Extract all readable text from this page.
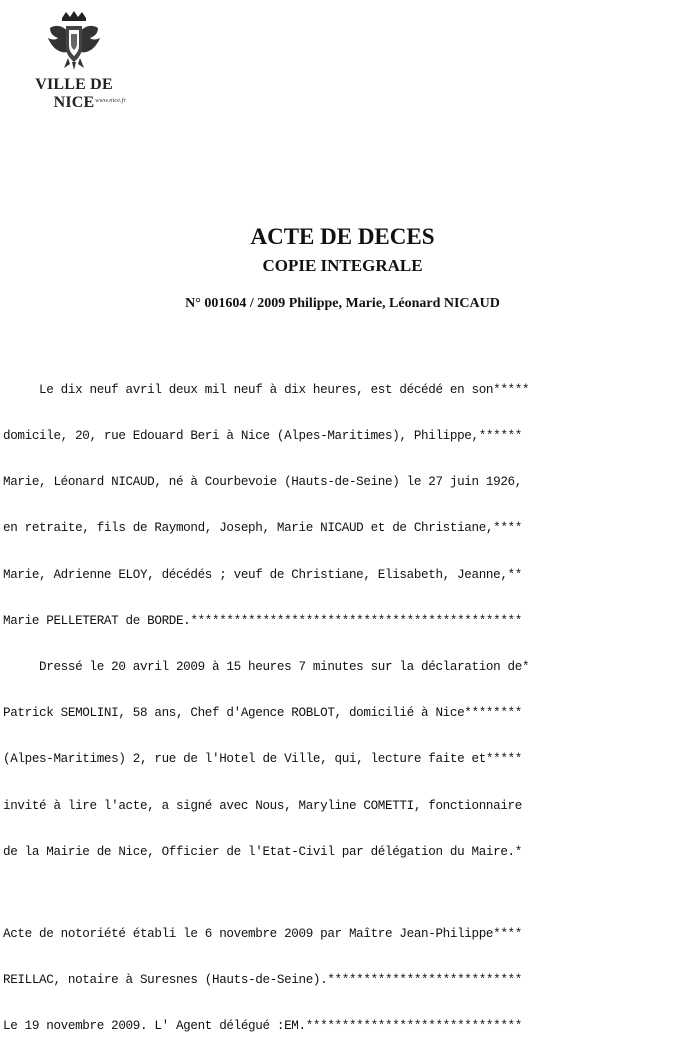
VILLE DE NICE www.nice.fr
ACTE DE DECES
COPIE INTEGRALE
N° 001604 / 2009 Philippe, Marie, Léonard NICAUD

Le dix neuf avril deux mil neuf à dix heures, est décédé en son*****

domicile, 20, rue Edouard Beri à Nice (Alpes-Maritimes), Philippe,******

Marie, Léonard NICAUD, né à Courbevoie (Hauts-de-Seine) le 27 juin 1926,

en retraite, fils de Raymond, Joseph, Marie NICAUD et de Christiane,****

Marie, Adrienne ELOY, décédés ; veuf de Christiane, Elisabeth, Jeanne,**

Marie PELLETERAT de BORDE.**********************************************

Dressé le 20 avril 2009 à 15 heures 7 minutes sur la déclaration de*

Patrick SEMOLINI, 58 ans, Chef d'Agence ROBLOT, domicilié à Nice********

(Alpes-Maritimes) 2, rue de l'Hotel de Ville, qui, lecture faite et*****

invité à lire l'acte, a signé avec Nous, Maryline COMETTI, fonctionnaire

de la Mairie de Nice, Officier de l'Etat-Civil par délégation du Maire.*

Acte de notoriété établi le 6 novembre 2009 par Maître Jean-Philippe****

REILLAC, notaire à Suresnes (Hauts-de-Seine).***************************

Le 19 novembre 2009. L' Agent délégué :EM.******************************
